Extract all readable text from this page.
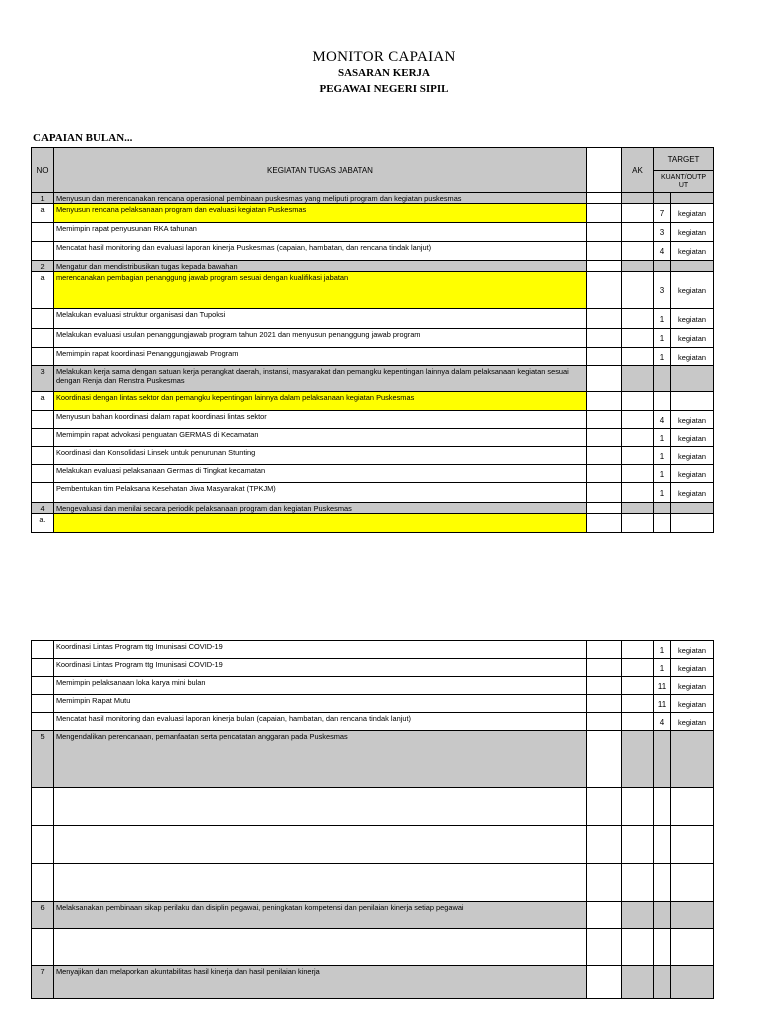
MONITOR CAPAIAN
SASARAN KERJA
PEGAWAI NEGERI SIPIL
CAPAIAN BULAN...
NO	KEGIATAN TUGAS JABATAN		AK	TARGET	
				KUANT/OUTP UT	
1	Menyusun dan merencanakan rencana operasional pembinaan puskesmas yang meliputi program dan kegiatan puskesmas				
a	Menyusun rencana pelaksanaan program dan evaluasi kegiatan Puskesmas			7	kegiatan
	Memimpin rapat penyusunan RKA tahunan			3	kegiatan
	Mencatat hasil monitoring dan evaluasi laporan kinerja Puskesmas (capaian, hambatan, dan rencana tindak lanjut)			4	kegiatan
2	Mengatur dan mendistribusikan tugas kepada bawahan				
a	merencanakan pembagian penanggung jawab program sesuai dengan kualifikasi jabatan			3	kegiatan
	Melakukan evaluasi struktur organisasi dan Tupoksi			1	kegiatan
	Melakukan evaluasi usulan penanggungjawab program tahun 2021 dan menyusun penanggung jawab program			1	kegiatan
	Memimpin rapat koordinasi Penanggungjawab Program			1	kegiatan
3	Melakukan kerja sama dengan satuan kerja perangkat daerah, instansi, masyarakat dan pemangku kepentingan lainnya dalam pelaksanaan kegiatan sesuai dengan Renja dan Renstra Puskesmas				
a	Koordinasi dengan lintas sektor dan pemangku kepentingan lainnya dalam pelaksanaan kegiatan Puskesmas				
	Menyusun bahan koordinasi dalam rapat koordinasi lintas sektor			4	kegiatan
	Memimpin rapat advokasi penguatan GERMAS di Kecamatan			1	kegiatan
	Koordinasi dan Konsolidasi Linsek untuk penurunan Stunting			1	kegiatan
	Melakukan evaluasi pelaksanaan Germas di Tingkat kecamatan			1	kegiatan
	Pembentukan tim Pelaksana Kesehatan Jiwa Masyarakat (TPKJM)			1	kegiatan
4	Mengevaluasi dan menilai secara periodik pelaksanaan program dan kegiatan Puskesmas				
a.					
	Koordinasi Lintas Program ttg Imunisasi COVID-19			1	kegiatan
	Koordinasi Lintas Program ttg Imunisasi COVID-19			1	kegiatan
	Memimpin pelaksanaan loka karya mini bulan			11	kegiatan
	Memimpin Rapat Mutu			11	kegiatan
	Mencatat hasil monitoring dan evaluasi laporan kinerja bulan (capaian, hambatan, dan rencana tindak lanjut)			4	kegiatan
5	Mengendalikan perencanaan, pemanfaatan serta pencatatan anggaran pada Puskesmas				

6	Melaksanakan pembinaan sikap perilaku dan disiplin pegawai, peningkatan kompetensi dan penilaian kinerja setiap pegawai				

7	Menyajikan dan melaporkan akuntabilitas hasil kinerja dan hasil penilaian kinerja				
